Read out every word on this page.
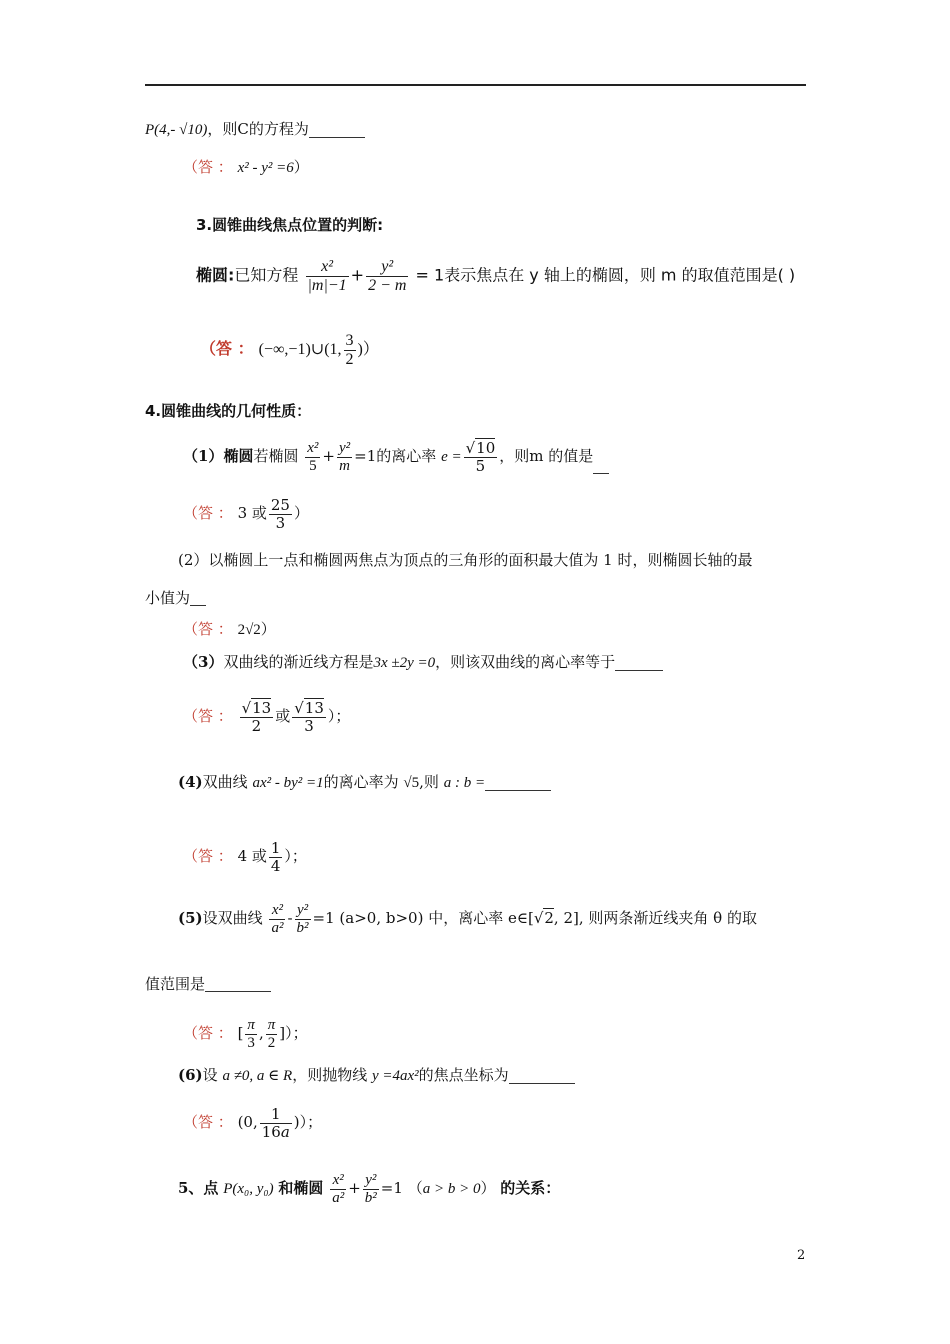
P(4,- √10)，则C的方程为
（答 ： x² - y² =6）
3.圆锥曲线焦点位置的判断:
椭圆:已知方程 $\frac{\text{x²}}{|m|-1} + \frac{\text{y²}}{2 - m} = 1$表示焦点在 y 轴上的椭圆，则 m 的取值范围是( )
（答 ： (−∞,−1)∪(1, $\frac{3}{2}$ )）
4.圆锥曲线的几何性质：
（1）椭圆若椭圆 $\frac{\text{x²}}{5} + \frac{\text{y²}}{m} =1$的离心率 $e = \frac{√10}{5}$ ，则m 的值是
（答 ： 3 或 $\frac{25}{3}$ ）
(2）以椭圆上一点和椭圆两焦点为顶点的三角形的面积最大值为 1 时，则椭圆长轴的最
小值为
（答 ： 2√2）
（3）双曲线的渐近线方程是3x ±2y =0，则该双曲线的离心率等于
（答 ： $\frac{√13}{2}$ 或 $\frac{√13}{3}$ ）；
(4)双曲线 ax² - by² =1的离心率为 √5,则 a : b =
（答 ： 4 或 $\frac{1}{4}$ ）；
(5)设双曲线 $\frac{\text{x²}}{\text{a²}} - \frac{\text{y²}}{\text{b²}} =1$ (a>0, b>0) 中，离心率 e∈[√2, 2], 则两条渐近线夹角 θ 的取
值范围是
（答 ： [ $\frac{\pi}{3}$ , $\frac{\pi}{2}$ ]）；
(6)设 a ≠0, a ∈ R，则抛物线 y =4ax²的焦点坐标为
（答 ： (0, $\frac{1}{16a}$ )）；
5、点 P(x₀, y₀) 和椭圆 $\frac{\text{x²}}{\text{a²}} + \frac{\text{y²}}{\text{b²}} =1$ （a > b > 0） 的关系：
2
